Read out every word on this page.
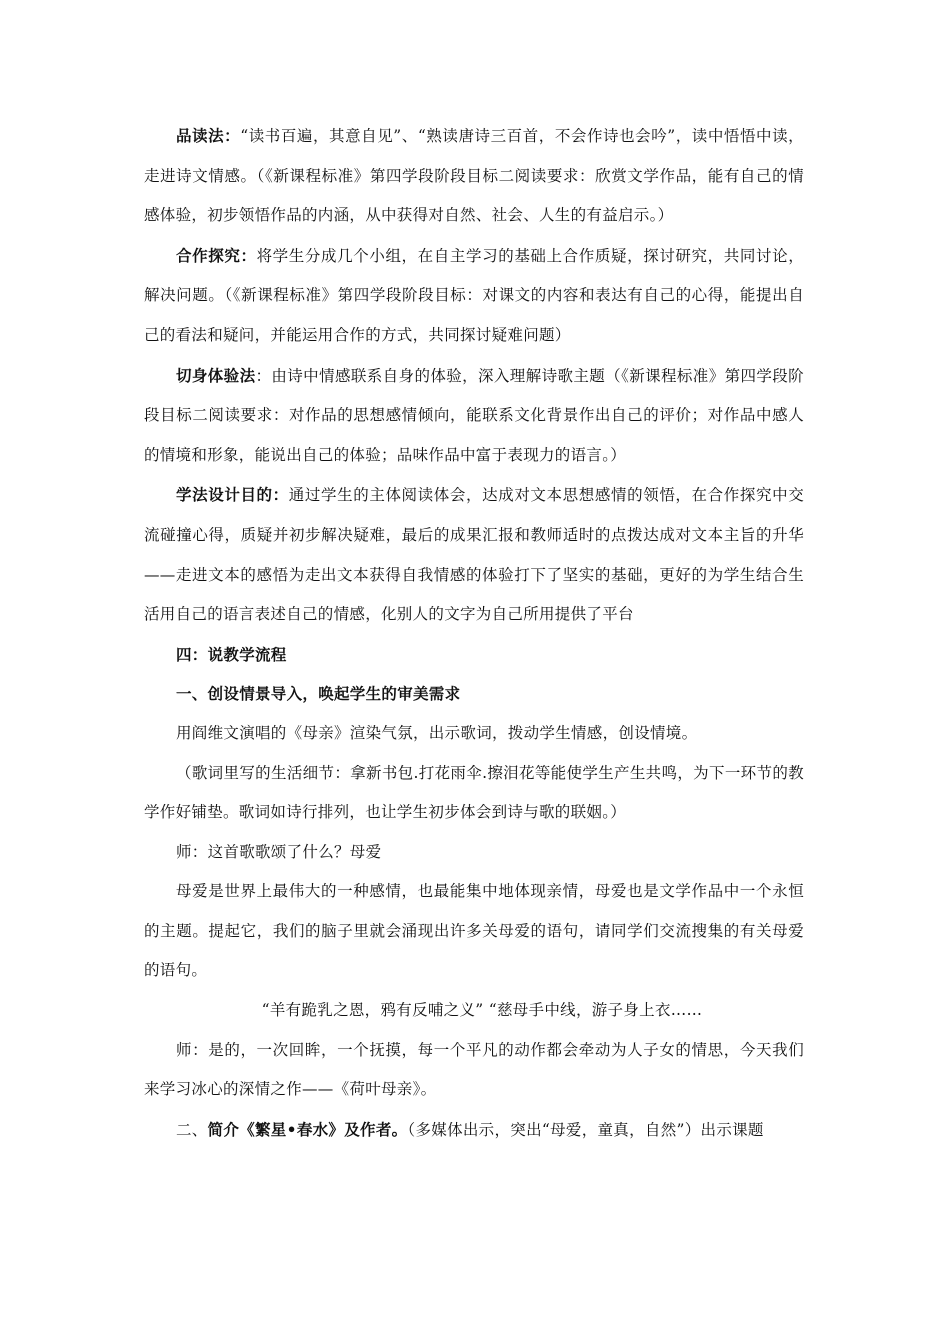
品读法：“读书百遍，其意自见”、“熟读唐诗三百首，不会作诗也会吟”，读中悟悟中读，走进诗文情感。（《新课程标准》第四学段阶段目标二阅读要求：欣赏文学作品，能有自己的情感体验，初步领悟作品的内涵，从中获得对自然、社会、人生的有益启示。）

合作探究：将学生分成几个小组，在自主学习的基础上合作质疑，探讨研究，共同讨论，解决问题。（《新课程标准》第四学段阶段目标：对课文的内容和表达有自己的心得，能提出自己的看法和疑问，并能运用合作的方式，共同探讨疑难问题）

切身体验法：由诗中情感联系自身的体验，深入理解诗歌主题（《新课程标准》第四学段阶段目标二阅读要求：对作品的思想感情倾向，能联系文化背景作出自己的评价；对作品中感人的情境和形象，能说出自己的体验；品味作品中富于表现力的语言。）

学法设计目的：通过学生的主体阅读体会，达成对文本思想感情的领悟，在合作探究中交流碰撞心得，质疑并初步解决疑难，最后的成果汇报和教师适时的点拨达成对文本主旨的升华——走进文本的感悟为走出文本获得自我情感的体验打下了坚实的基础，更好的为学生结合生活用自己的语言表述自己的情感，化别人的文字为自己所用提供了平台

四：说教学流程

一、创设情景导入，唤起学生的审美需求

用阎维文演唱的《母亲》渲染气氛，出示歌词，拨动学生情感，创设情境。

（歌词里写的生活细节：拿新书包.打花雨伞.擦泪花等能使学生产生共鸣，为下一环节的教学作好铺垫。歌词如诗行排列，也让学生初步体会到诗与歌的联姻。）

师：这首歌歌颂了什么？母爱

母爱是世界上最伟大的一种感情，也最能集中地体现亲情，母爱也是文学作品中一个永恒的主题。提起它，我们的脑子里就会涌现出许多关母爱的语句，请同学们交流搜集的有关母爱的语句。

“羊有跪乳之恩，鸦有反哺之义” “慈母手中线，游子身上衣……

师：是的，一次回眸，一个抚摸，每一个平凡的动作都会牵动为人子女的情思，今天我们来学习冰心的深情之作——《荷叶母亲》。

二、简介《繁星•春水》及作者。（多媒体出示，突出“母爱，童真，自然”）出示课题
